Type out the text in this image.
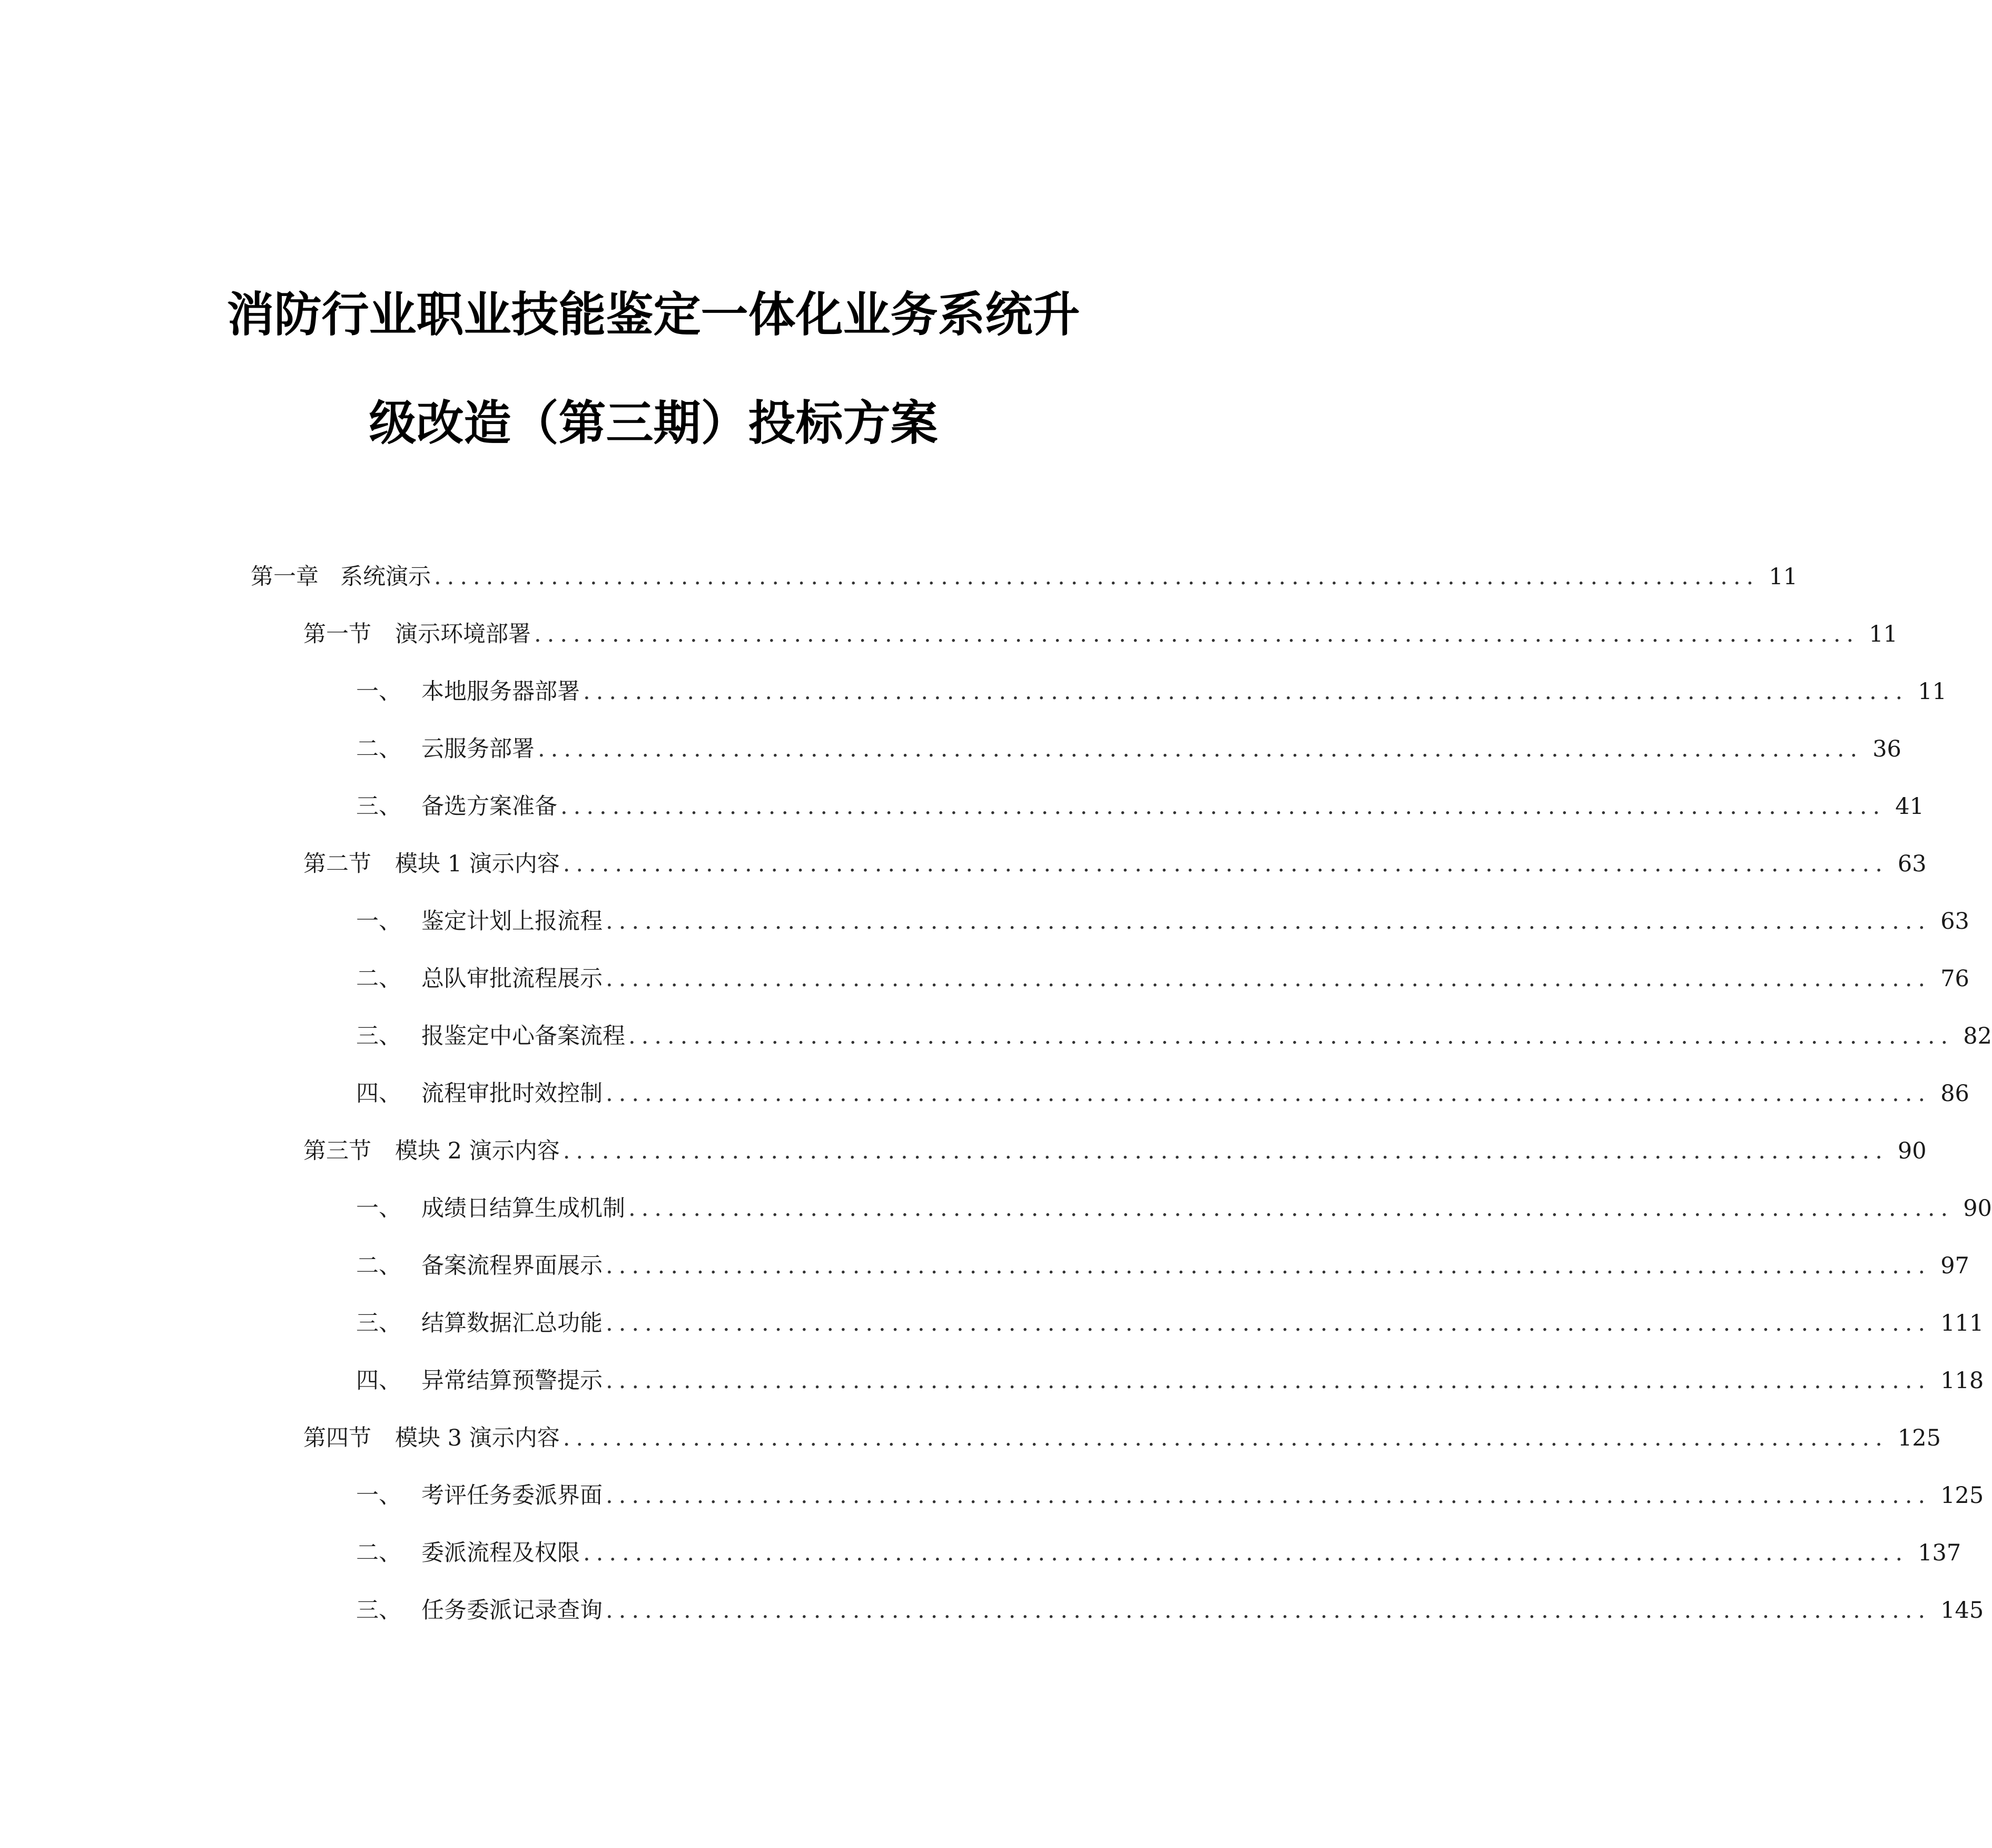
消防行业职业技能鉴定一体化业务系统升
级改造（第三期）投标方案
第一章 系统演示 ...................................................................................................... 11
第一节	演示环境部署 ...................................................................................................... 11
一、 本地服务器部署 ...................................................................................................... 11
二、 云服务部署 ...................................................................................................... 36
三、 备选方案准备 ...................................................................................................... 41
第二节	模块 1 演示内容 ...................................................................................................... 63
一、 鉴定计划上报流程 ...................................................................................................... 63
二、 总队审批流程展示 ...................................................................................................... 76
三、 报鉴定中心备案流程 ...................................................................................................... 82
四、 流程审批时效控制 ...................................................................................................... 86
第三节	模块 2 演示内容 ...................................................................................................... 90
一、 成绩日结算生成机制 ...................................................................................................... 90
二、 备案流程界面展示 ...................................................................................................... 97
三、 结算数据汇总功能 ...................................................................................................... 111
四、 异常结算预警提示 ...................................................................................................... 118
第四节	模块 3 演示内容 ...................................................................................................... 125
一、 考评任务委派界面 ...................................................................................................... 125
二、 委派流程及权限 ...................................................................................................... 137
三、 任务委派记录查询 ...................................................................................................... 145
